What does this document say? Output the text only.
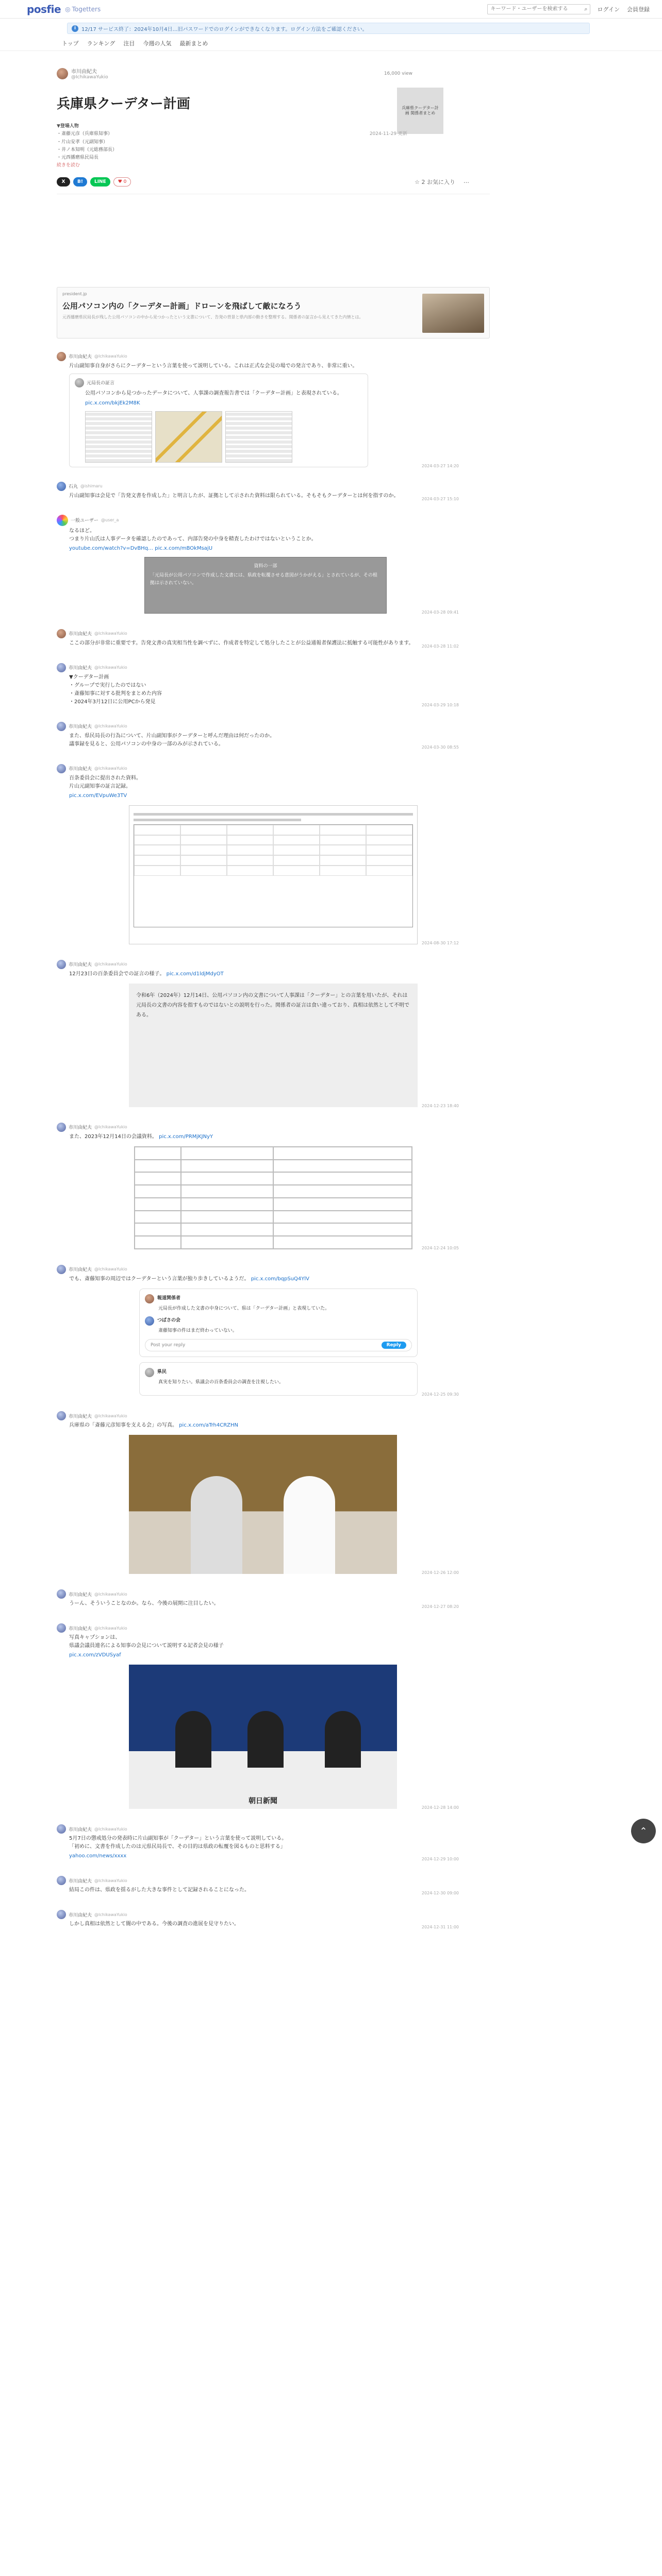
posfie ◎ Togetters
キーワード・ユーザーを検索する	⌕ ログイン 会員登録
i	12/17 サービス終了：2024年10月4日…旧パスワードでのログインができなくなります。ログイン方法をご確認ください。
トップ ランキング 注目 今週の人気 最新まとめ
市川由紀夫
@IchikawaYukio
16,000 view
兵庫県クーデター計画 関係者まとめ
兵庫県クーデター計画
▼登場人物
・斎藤元彦（兵庫県知事）
・片山安孝（元副知事）
・井ノ本知明（元総務部長）
・元西播磨県民局長
続きを読む
X	B!	LINE	♥ 0	☆ 2 お気に入り …
2024-11-29 更新
president.jp
公用パソコン内の「クーデター計画」ドローンを飛ばして敵になろう
元西播磨県民局長が残した公用パソコンの中から見つかったという文書について、告発の背景と県内部の動きを整理する。関係者の証言から見えてきた内情とは。
市川由紀夫 @IchikawaYukio
片山副知事自身がさらにクーデターという言葉を使って説明している。これは正式な会見の場での発言であり、非常に重い。
元局長の証言
公用パソコンから見つかったデータについて、人事課の調査報告書では「クーデター計画」と表現されている。
pic.x.com/bkjEk2M8K
2024-03-27 14:20
石丸 @ishimaru
片山副知事は会見で「告発文書を作成した」と明言したが、証拠として示された資料は限られている。そもそもクーデターとは何を指すのか。
2024-03-27 15:10
一般ユーザー @user_a
なるほど。
つまり片山氏は人事データを確認したのであって、内部告発の中身を精査したわけではないということか。
youtube.com/watch?v=DvBHq… pic.x.com/mBOkMsajU
資料の一部
「元局長が公用パソコンで作成した文書には、県政を転覆させる意図がうかがえる」とされているが、その根拠は示されていない。
2024-03-28 09:41
市川由紀夫 @IchikawaYukio
ここの部分が非常に重要です。告発文書の真実相当性を調べずに、作成者を特定して処分したことが公益通報者保護法に抵触する可能性があります。
2024-03-28 11:02
市川由紀夫 @IchikawaYukio
▼クーデター計画
・グループで実行したのではない
・斎藤知事に対する批判をまとめた内容
・2024年3月12日に公用PCから発見
2024-03-29 10:18
市川由紀夫 @IchikawaYukio
また、県民局長の行為について、片山副知事がクーデターと呼んだ理由は何だったのか。
議事録を見ると、公用パソコンの中身の一部のみが示されている。
2024-03-30 08:55
市川由紀夫 @IchikawaYukio
百条委員会に提出された資料。
片山元副知事の証言記録。
pic.x.com/EVpuWe3TV
2024-08-30 17:12
市川由紀夫 @IchikawaYukio
12月23日の百条委員会での証言の様子。 pic.x.com/d1ldjMdyOT
令和6年（2024年）12月14日、公用パソコン内の文書について人事課は「クーデター」との言葉を用いたが、それは元局長の文書の内容を指すものではないとの説明を行った。関係者の証言は食い違っており、真相は依然として不明である。
2024-12-23 18:40
市川由紀夫 @IchikawaYukio
また、2023年12月14日の会議資料。 pic.x.com/PRMjKJNyY
2024-12-24 10:05
市川由紀夫 @IchikawaYukio
でも、斎藤知事の周辺ではクーデターという言葉が独り歩きしているようだ。 pic.x.com/bqpSuQ4YlV
報道関係者
元局長が作成した文書の中身について、県は「クーデター計画」と表現していた。
つばさの会
斎藤知事の件はまだ終わっていない。
Post your reply	Reply
県民
真実を知りたい。県議会の百条委員会の調査を注視したい。
2024-12-25 09:30
市川由紀夫 @IchikawaYukio
兵庫県の「斎藤元彦知事を支える会」の写真。 pic.x.com/aTrh4CRZHN
2024-12-26 12:00
市川由紀夫 @IchikawaYukio
うーん、そういうことなのか。なら、今後の展開に注目したい。
2024-12-27 08:20
市川由紀夫 @IchikawaYukio
写真キャプションは、
県議会議員連名による知事の会見について説明する記者会見の様子
pic.x.com/zVDUSyaf
朝日新聞
2024-12-28 14:00
市川由紀夫 @IchikawaYukio
5月7日の懲戒処分の発表時に片山副知事が「クーデター」という言葉を使って説明している。
「初めに、文書を作成したのは元県民局長で、その目的は県政の転覆を図るものと思料する」
yahoo.com/news/xxxx
2024-12-29 10:00
市川由紀夫 @IchikawaYukio
結局この件は、県政を揺るがした大きな事件として記録されることになった。
2024-12-30 09:00
市川由紀夫 @IchikawaYukio
しかし真相は依然として闇の中である。今後の調査の進展を見守りたい。
2024-12-31 11:00
⌃
